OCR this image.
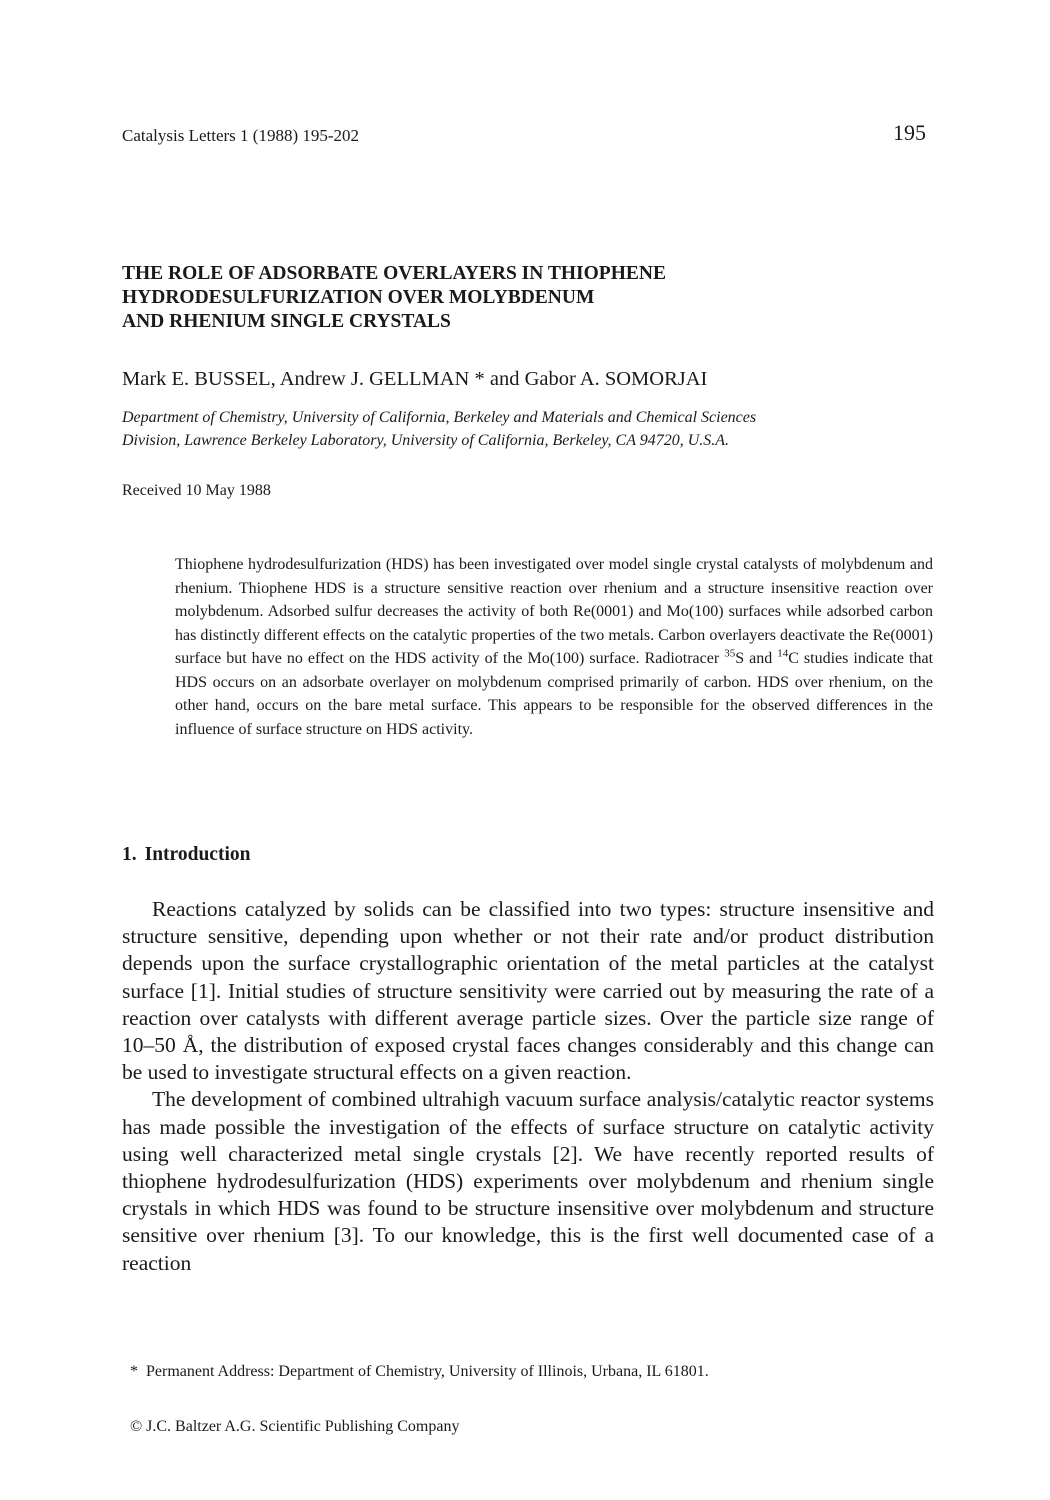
Catalysis Letters 1 (1988) 195-202	195
THE ROLE OF ADSORBATE OVERLAYERS IN THIOPHENE
HYDRODESULFURIZATION OVER MOLYBDENUM
AND RHENIUM SINGLE CRYSTALS
Mark E. BUSSEL, Andrew J. GELLMAN * and Gabor A. SOMORJAI
Department of Chemistry, University of California, Berkeley and Materials and Chemical Sciences
Division, Lawrence Berkeley Laboratory, University of California, Berkeley, CA 94720, U.S.A.
Received 10 May 1988

Thiophene hydrodesulfurization (HDS) has been investigated over model single crystal catalysts of molybdenum and rhenium. Thiophene HDS is a structure sensitive reaction over rhenium and a structure insensitive reaction over molybdenum. Adsorbed sulfur decreases the activity of both Re(0001) and Mo(100) surfaces while adsorbed carbon has distinctly different effects on the catalytic properties of the two metals. Carbon overlayers deactivate the Re(0001) surface but have no effect on the HDS activity of the Mo(100) surface. Radiotracer $^{35}$S and $^{14}$C studies indicate that HDS occurs on an adsorbate overlayer on molybdenum comprised primarily of carbon. HDS over rhenium, on the other hand, occurs on the bare metal surface. This appears to be responsible for the observed differences in the influence of surface structure on HDS activity.

1. Introduction

Reactions catalyzed by solids can be classified into two types: structure insensitive and structure sensitive, depending upon whether or not their rate and/or product distribution depends upon the surface crystallographic orientation of the metal particles at the catalyst surface [1]. Initial studies of structure sensitivity were carried out by measuring the rate of a reaction over catalysts with different average particle sizes. Over the particle size range of 10–50 Å, the distribution of exposed crystal faces changes considerably and this change can be used to investigate structural effects on a given reaction.

The development of combined ultrahigh vacuum surface analysis/catalytic reactor systems has made possible the investigation of the effects of surface structure on catalytic activity using well characterized metal single crystals [2]. We have recently reported results of thiophene hydrodesulfurization (HDS) experiments over molybdenum and rhenium single crystals in which HDS was found to be structure insensitive over molybdenum and structure sensitive over rhenium [3]. To our knowledge, this is the first well documented case of a reaction

* Permanent Address: Department of Chemistry, University of Illinois, Urbana, IL 61801.
© J.C. Baltzer A.G. Scientific Publishing Company
